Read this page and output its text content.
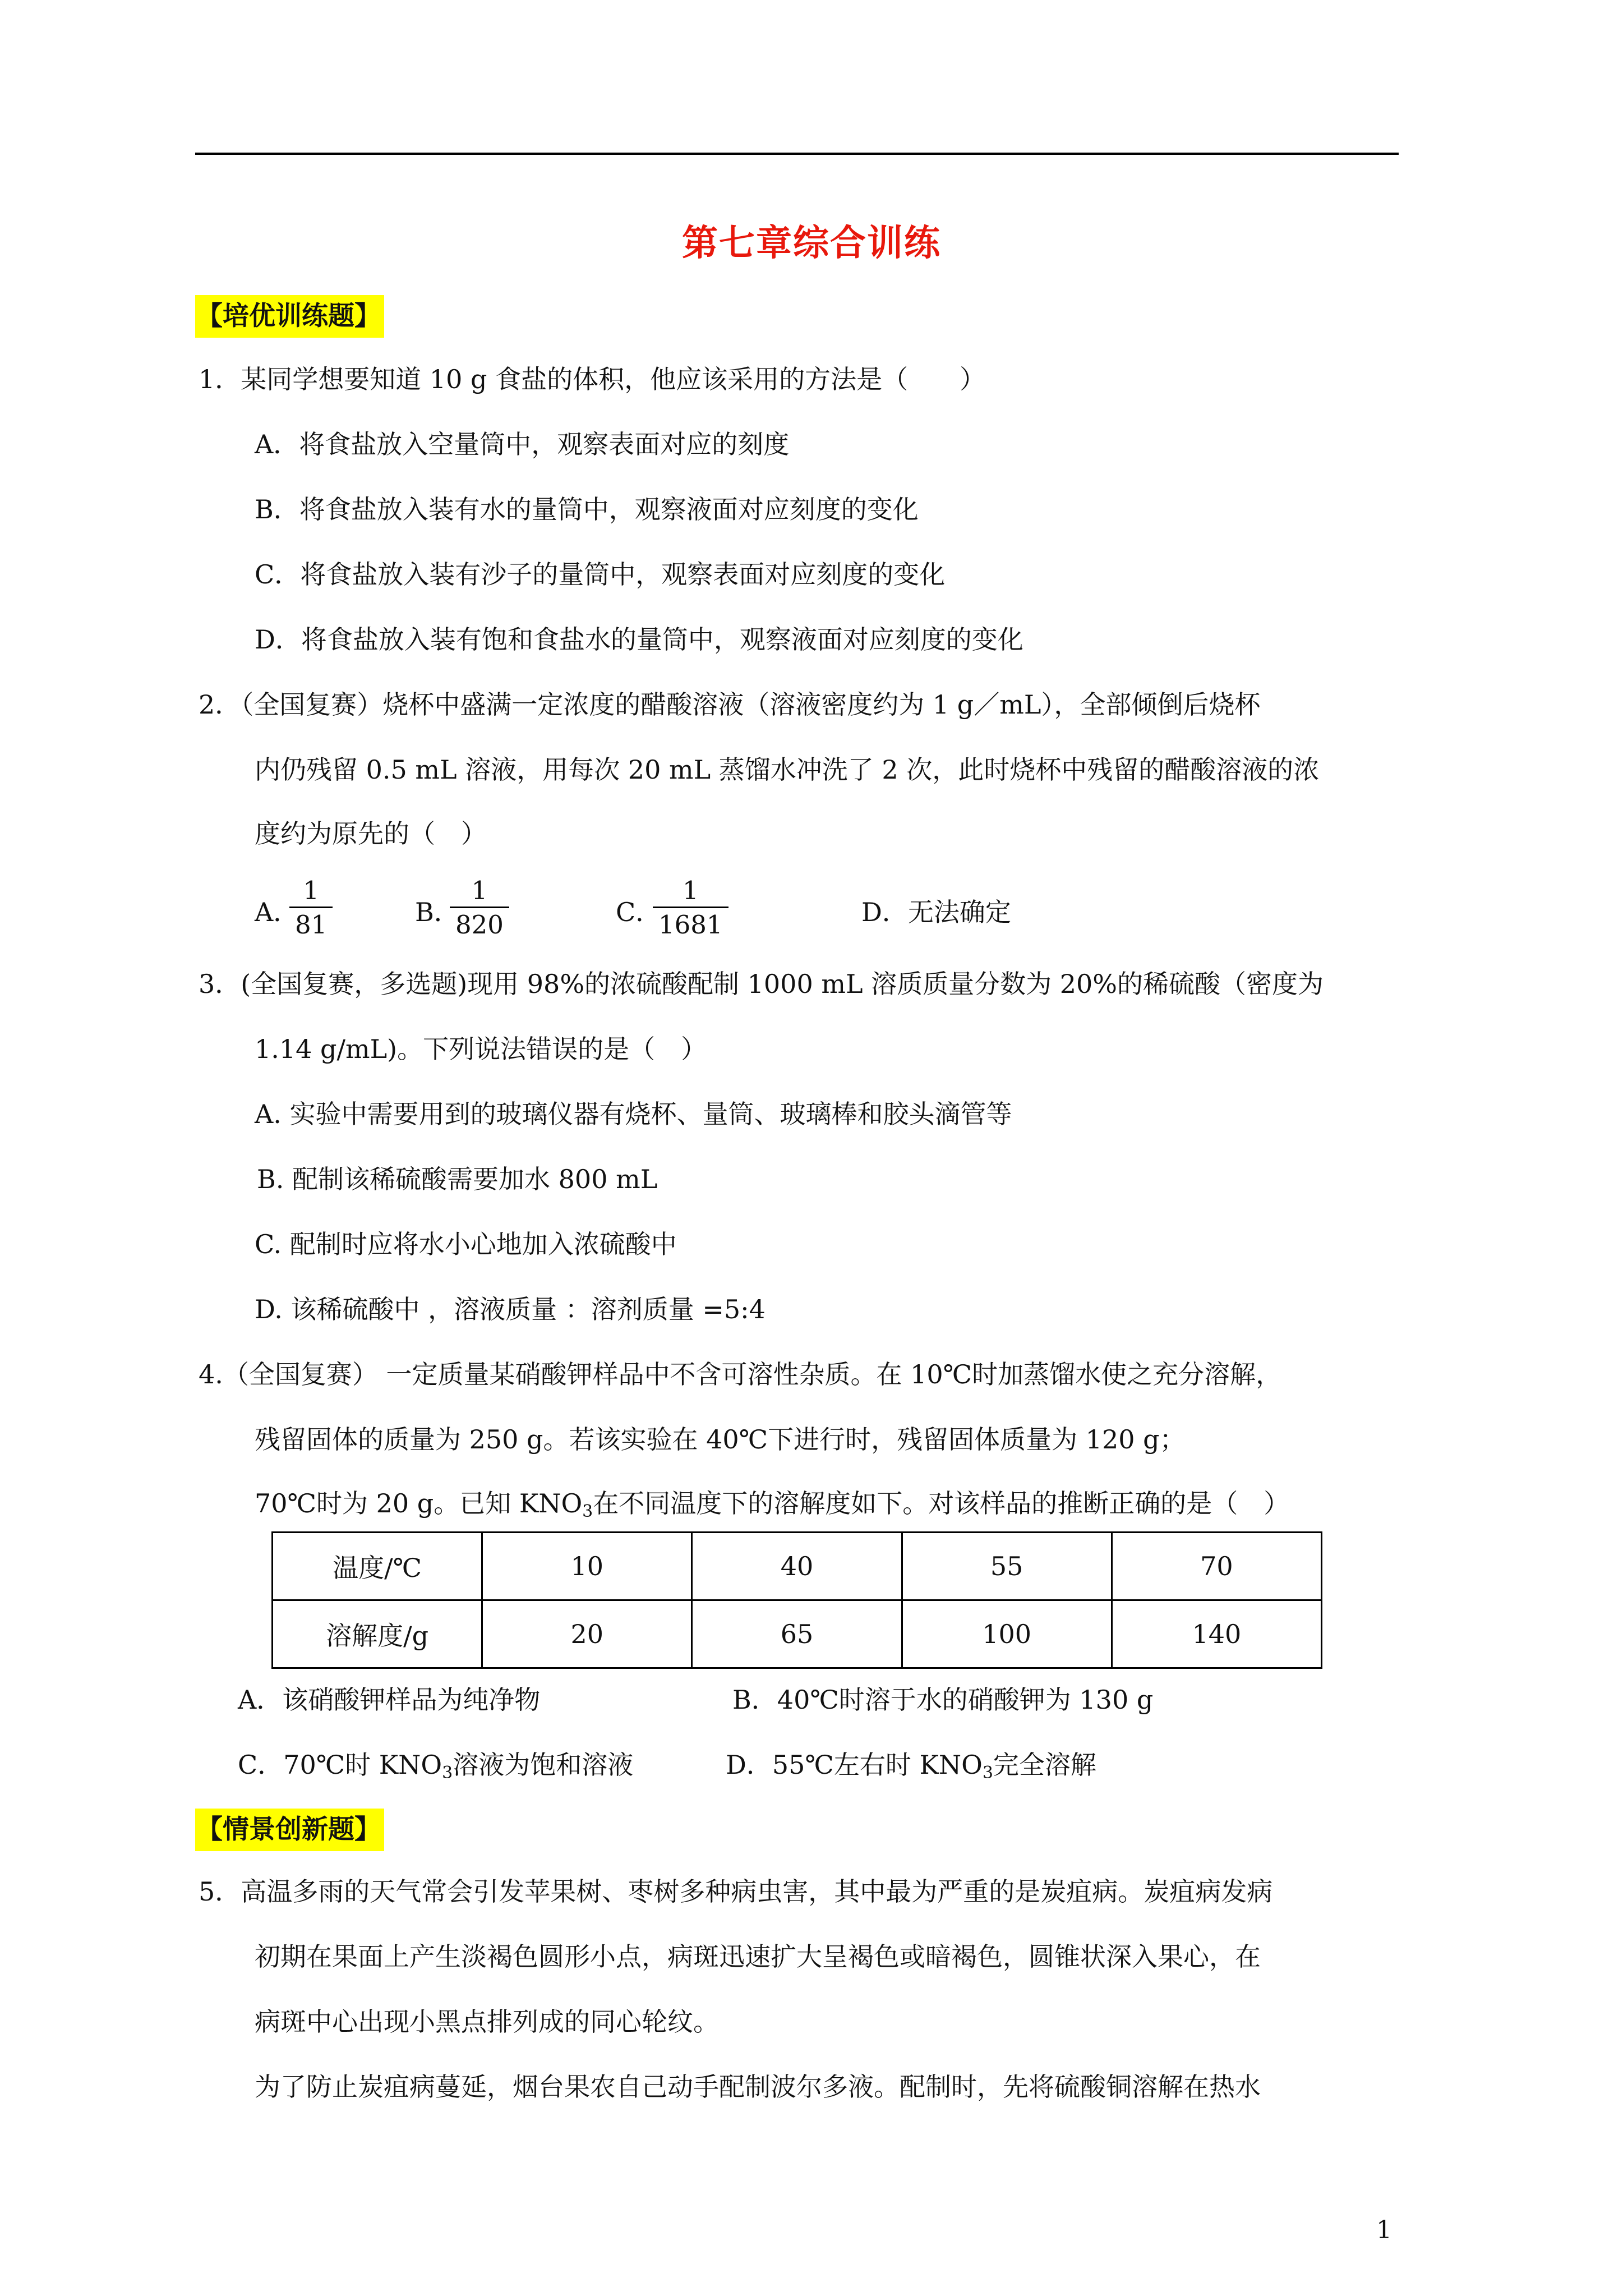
第七章综合训练
【培优训练题】
1．某同学想要知道 10 g 食盐的体积，他应该采用的方法是（　　）
A．将食盐放入空量筒中，观察表面对应的刻度
B．将食盐放入装有水的量筒中，观察液面对应刻度的变化
C．将食盐放入装有沙子的量筒中，观察表面对应刻度的变化
D．将食盐放入装有饱和食盐水的量筒中，观察液面对应刻度的变化
2．（全国复赛）烧杯中盛满一定浓度的醋酸溶液（溶液密度约为 1 g／mL），全部倾倒后烧杯
内仍残留 0.5 mL 溶液，用每次 20 mL 蒸馏水冲洗了 2 次，此时烧杯中残留的醋酸溶液的浓
度约为原先的（　）
A．
$\frac{1}{81}$	B．
$\frac{1}{820}$	C．
$\frac{1}{1681}$	D．无法确定
3．(全国复赛，多选题)现用 98%的浓硫酸配制 1000 mL 溶质质量分数为 20%的稀硫酸（密度为
1.14 g/mL)。下列说法错误的是（　）
A. 实验中需要用到的玻璃仪器有烧杯、量筒、玻璃棒和胶头滴管等
B. 配制该稀硫酸需要加水 800 mL
C. 配制时应将水小心地加入浓硫酸中
D. 该稀硫酸中 ，溶液质量 ：溶剂质量 =5:4
4.（全国复赛） 一定质量某硝酸钾样品中不含可溶性杂质。在 10℃时加蒸馏水使之充分溶解，
残留固体的质量为 250 g。若该实验在 40℃下进行时，残留固体质量为 120 g；
70℃时为 20 g。已知 $KNO_3$在不同温度下的溶解度如下。对该样品的推断正确的是（　）
温度/℃	10	40	55	70
溶解度/g	20	65	100	140
A．该硝酸钾样品为纯净物	B．40℃时溶于水的硝酸钾为 130 g
C．70℃时 $KNO_3$溶液为饱和溶液	D．55℃左右时 $KNO_3$完全溶解
【情景创新题】
5．高温多雨的天气常会引发苹果树、枣树多种病虫害，其中最为严重的是炭疽病。炭疽病发病
初期在果面上产生淡褐色圆形小点，病斑迅速扩大呈褐色或暗褐色，圆锥状深入果心，在
病斑中心出现小黑点排列成的同心轮纹。
为了防止炭疽病蔓延，烟台果农自己动手配制波尔多液。配制时，先将硫酸铜溶解在热水
1
